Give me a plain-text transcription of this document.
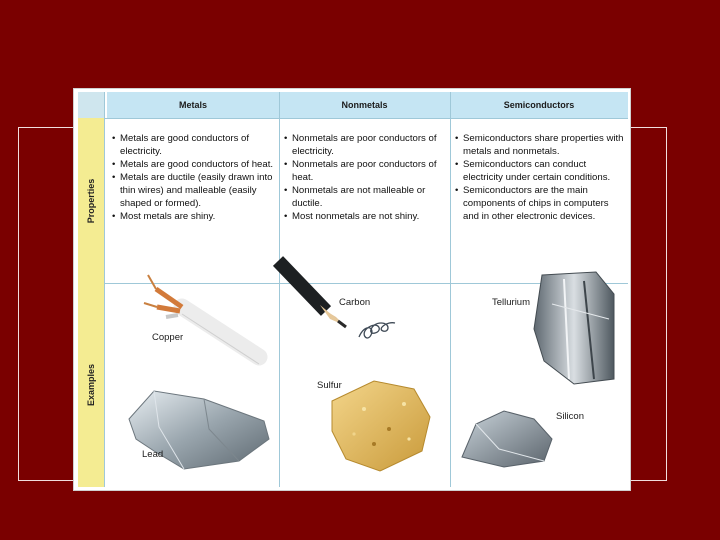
Metals	Nonmetals	Semiconductors
Properties
Examples
• Metals are good conductors of electricity.
• Metals are good conductors of heat.
• Metals are ductile (easily drawn into thin wires) and malleable (easily shaped or formed).
• Most metals are shiny.
• Nonmetals are poor conductors of electricity.
• Nonmetals are poor conductors of heat.
• Nonmetals are not malleable or ductile.
• Most nonmetals are not shiny.
• Semiconductors share properties with metals and nonmetals.
• Semiconductors can conduct electricity under certain conditions.
• Semiconductors are the main components of chips in computers and in other electronic devices.
Copper
Lead
Carbon
Sulfur
Tellurium
Silicon
